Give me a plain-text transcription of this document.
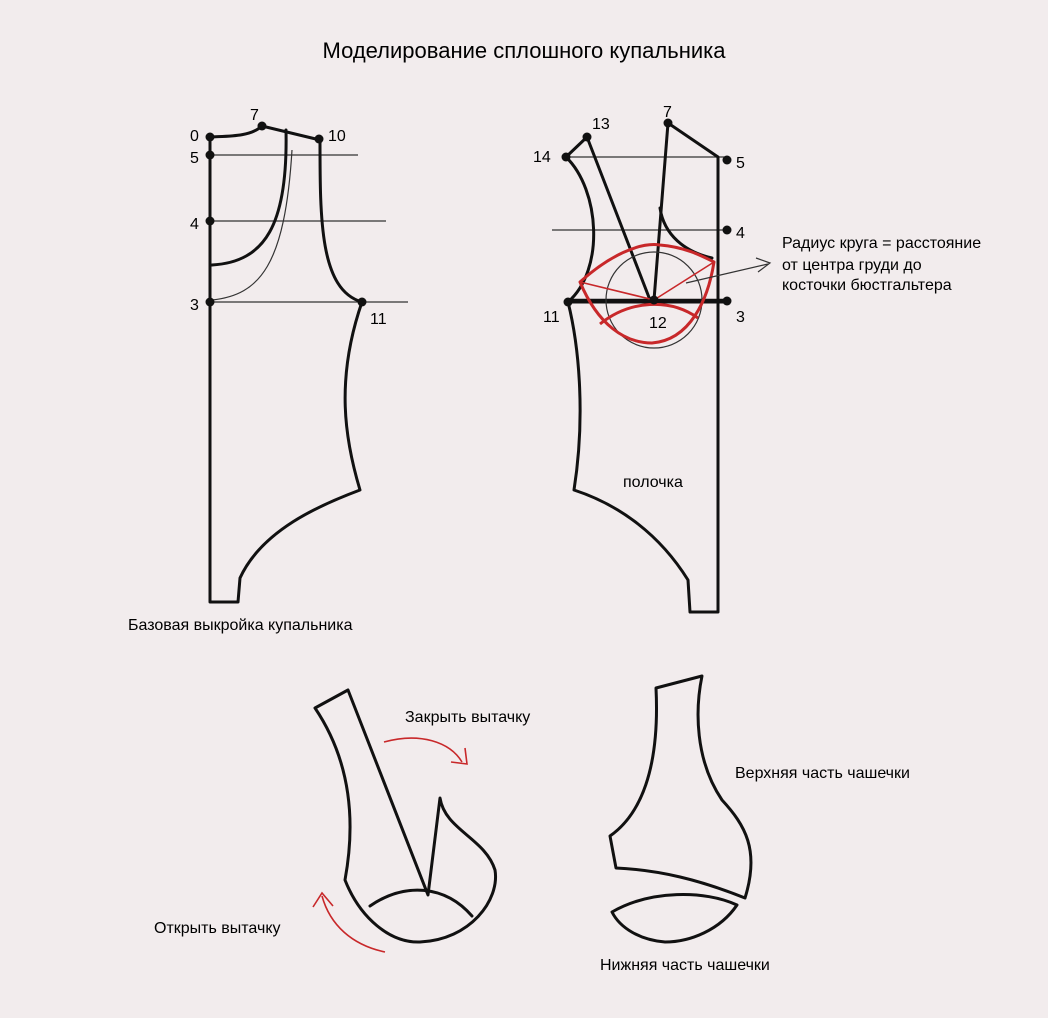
Моделирование сплошного купальника
0
5
4
3
7
10
11
Базовая выкройка купальника
7
13
14	5
4
3
11	12
полочка
Радиус круга = расстояние
от центра груди до
косточки бюстгальтера
Закрыть вытачку
Открыть вытачку
Верхняя часть чашечки
Нижняя часть чашечки
